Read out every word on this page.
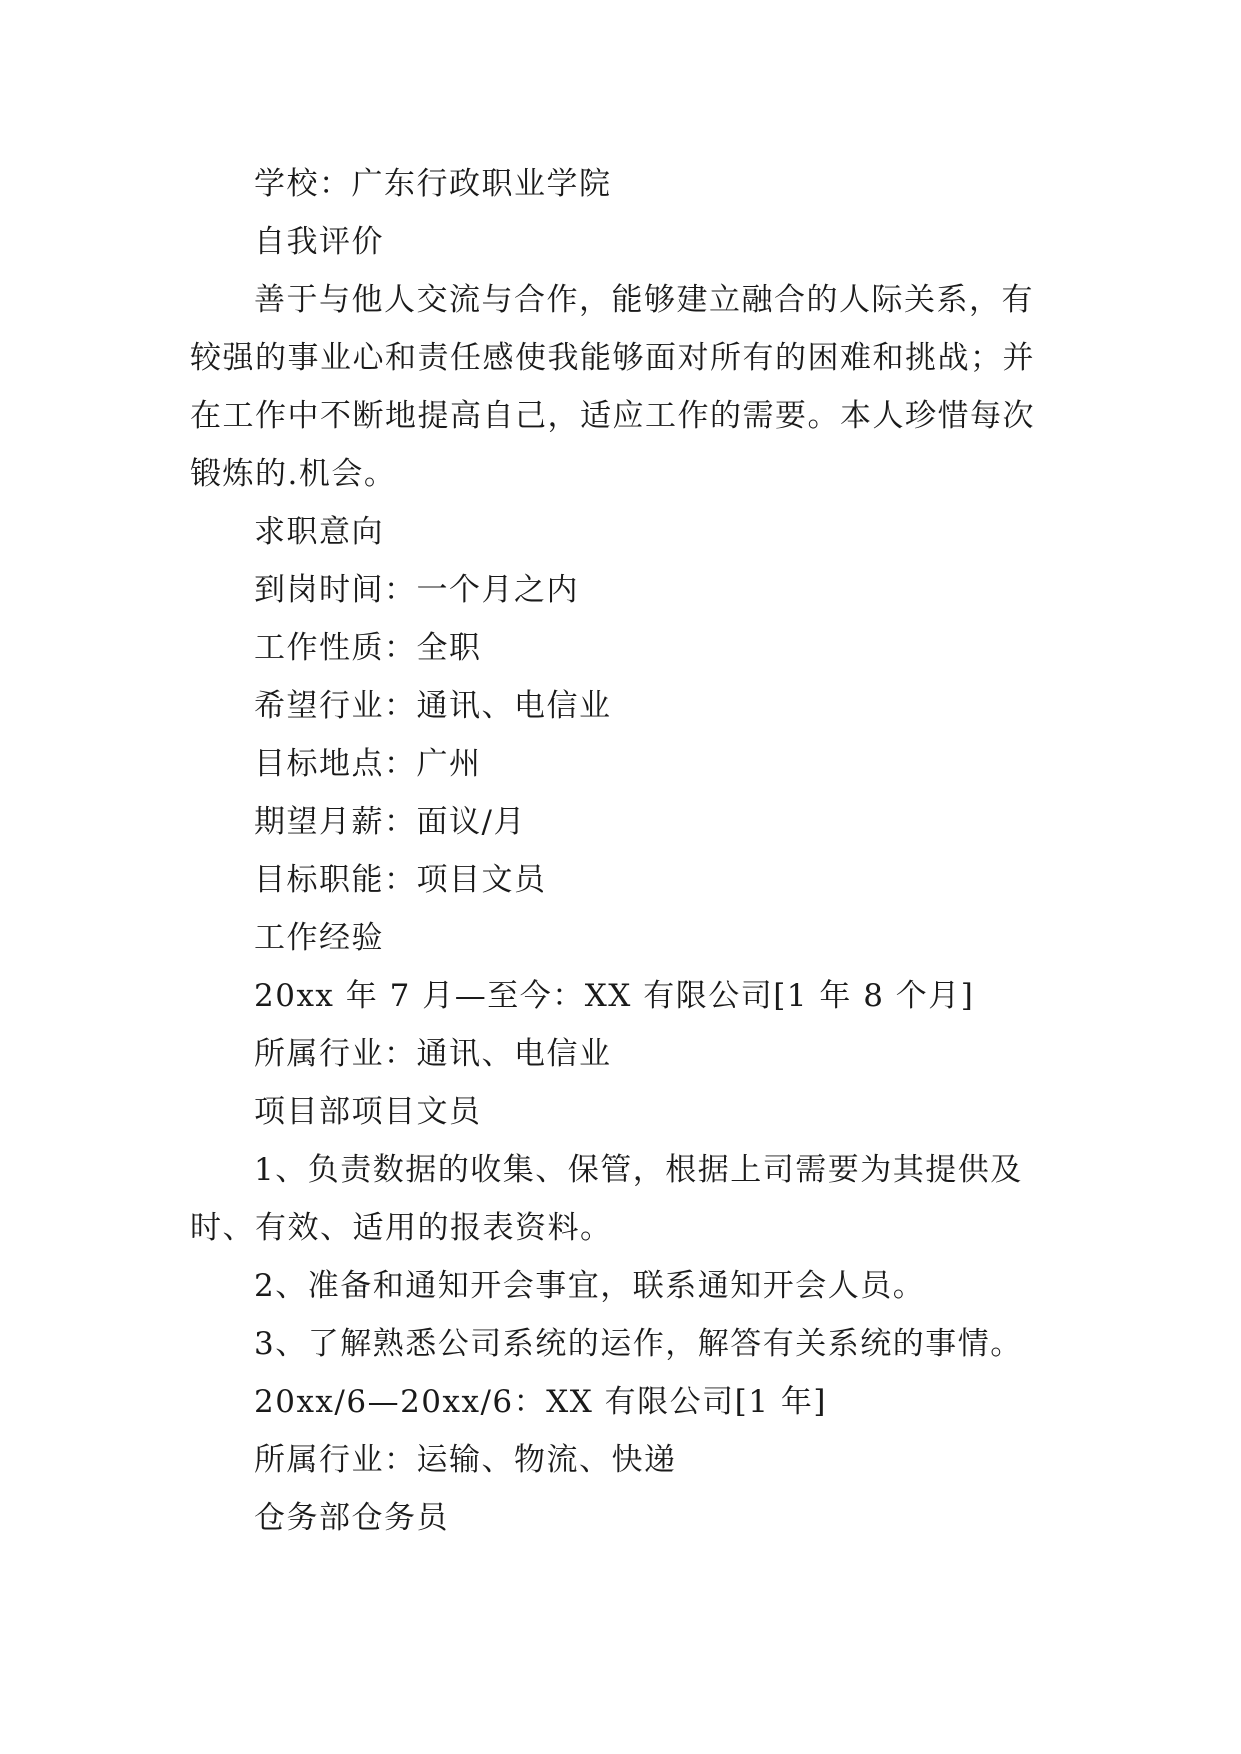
学校：广东行政职业学院
自我评价
善于与他人交流与合作，能够建立融合的人际关系，有
较强的事业心和责任感使我能够面对所有的困难和挑战；并
在工作中不断地提高自己，适应工作的需要。本人珍惜每次
锻炼的.机会。
求职意向
到岗时间：一个月之内
工作性质：全职
希望行业：通讯、电信业
目标地点：广州
期望月薪：面议/月
目标职能：项目文员
工作经验
20xx 年 7 月—至今：XX 有限公司[1 年 8 个月]
所属行业：通讯、电信业
项目部项目文员
1、负责数据的收集、保管，根据上司需要为其提供及
时、有效、适用的报表资料。
2、准备和通知开会事宜，联系通知开会人员。
3、了解熟悉公司系统的运作，解答有关系统的事情。
20xx/6—20xx/6：XX 有限公司[1 年]
所属行业：运输、物流、快递
仓务部仓务员
